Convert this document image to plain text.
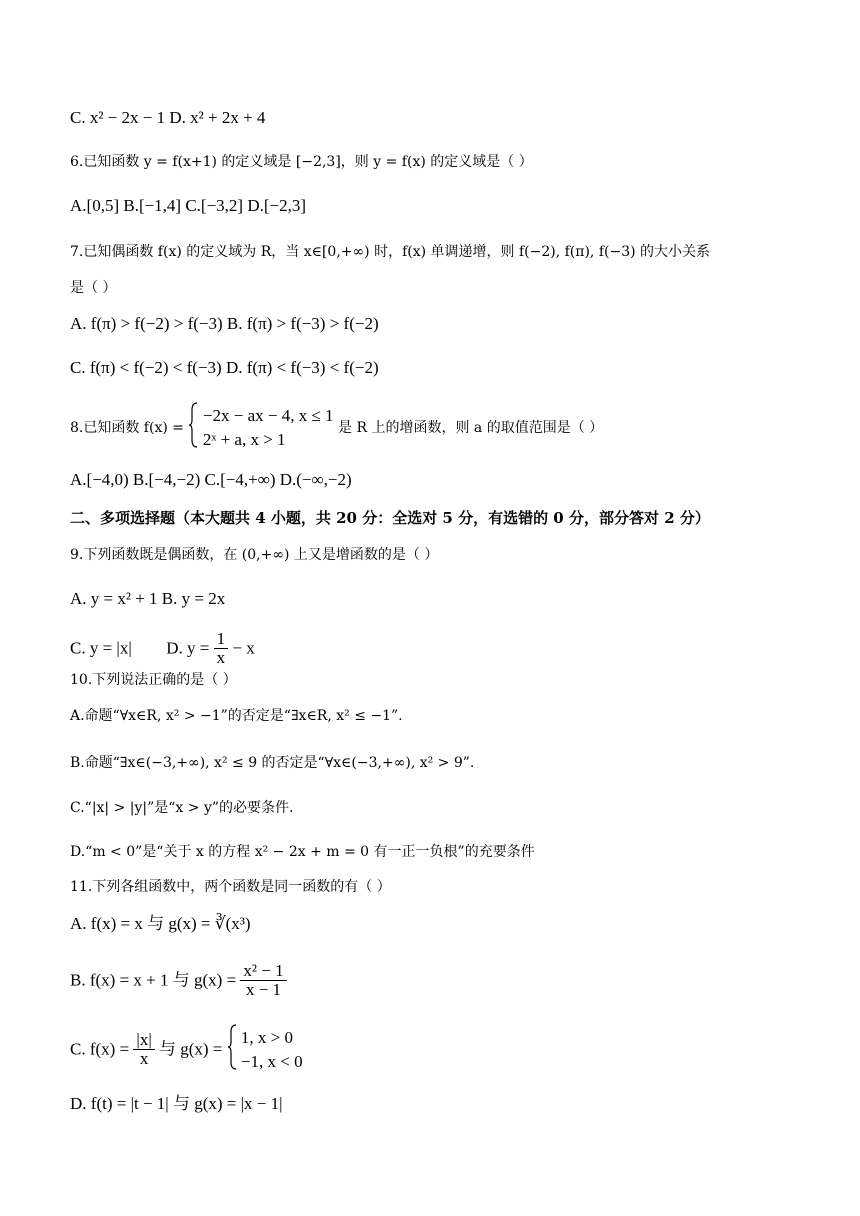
C. x² − 2x − 1 D. x² + 2x + 4
6.已知函数 y = f(x+1) 的定义域是 [−2,3]，则 y = f(x) 的定义域是（ ）
A.[0,5] B.[−1,4] C.[−3,2] D.[−2,3]
7.已知偶函数 f(x) 的定义域为 R，当 x∈[0,+∞) 时，f(x) 单调递增，则 f(−2), f(π), f(−3) 的大小关系
是（ ）
A. f(π) > f(−2) > f(−3) B. f(π) > f(−3) > f(−2)
C. f(π) < f(−2) < f(−3) D. f(π) < f(−3) < f(−2)
8.已知函数 f(x) =
−2x − ax − 4, x ≤ 1
2ˣ + a, x > 1
是 R 上的增函数，则 a 的取值范围是（ ）
A.[−4,0) B.[−4,−2) C.[−4,+∞) D.(−∞,−2)
二、多项选择题（本大题共 4 小题，共 20 分：全选对 5 分，有选错的 0 分，部分答对 2 分）
9.下列函数既是偶函数，在 (0,+∞) 上又是增函数的是（ ）
A. y = x² + 1 B. y = 2x
C. y = |x| D. $y = \frac{1}{x} - x$
10.下列说法正确的是（ ）
A.命题“∀x∈R, x² > −1”的否定是“∃x∈R, x² ≤ −1”.
B.命题“∃x∈(−3,+∞), x² ≤ 9 的否定是“∀x∈(−3,+∞), x² > 9”.
C.“|x| > |y|”是“x > y”的必要条件.
D.“m < 0”是“关于 x 的方程 x² − 2x + m = 0 有一正一负根”的充要条件
11.下列各组函数中，两个函数是同一函数的有（ ）
A. f(x) = x 与 g(x) = ∛(x³)
B. f(x) = x + 1 与 $g(x) = \frac{\text{x² − 1}}{x - 1}$
C. $f(x) = \frac{|x|}{x}$ 与 g(x) =
1, x > 0
−1, x < 0
D. f(t) = |t − 1| 与 g(x) = |x − 1|
